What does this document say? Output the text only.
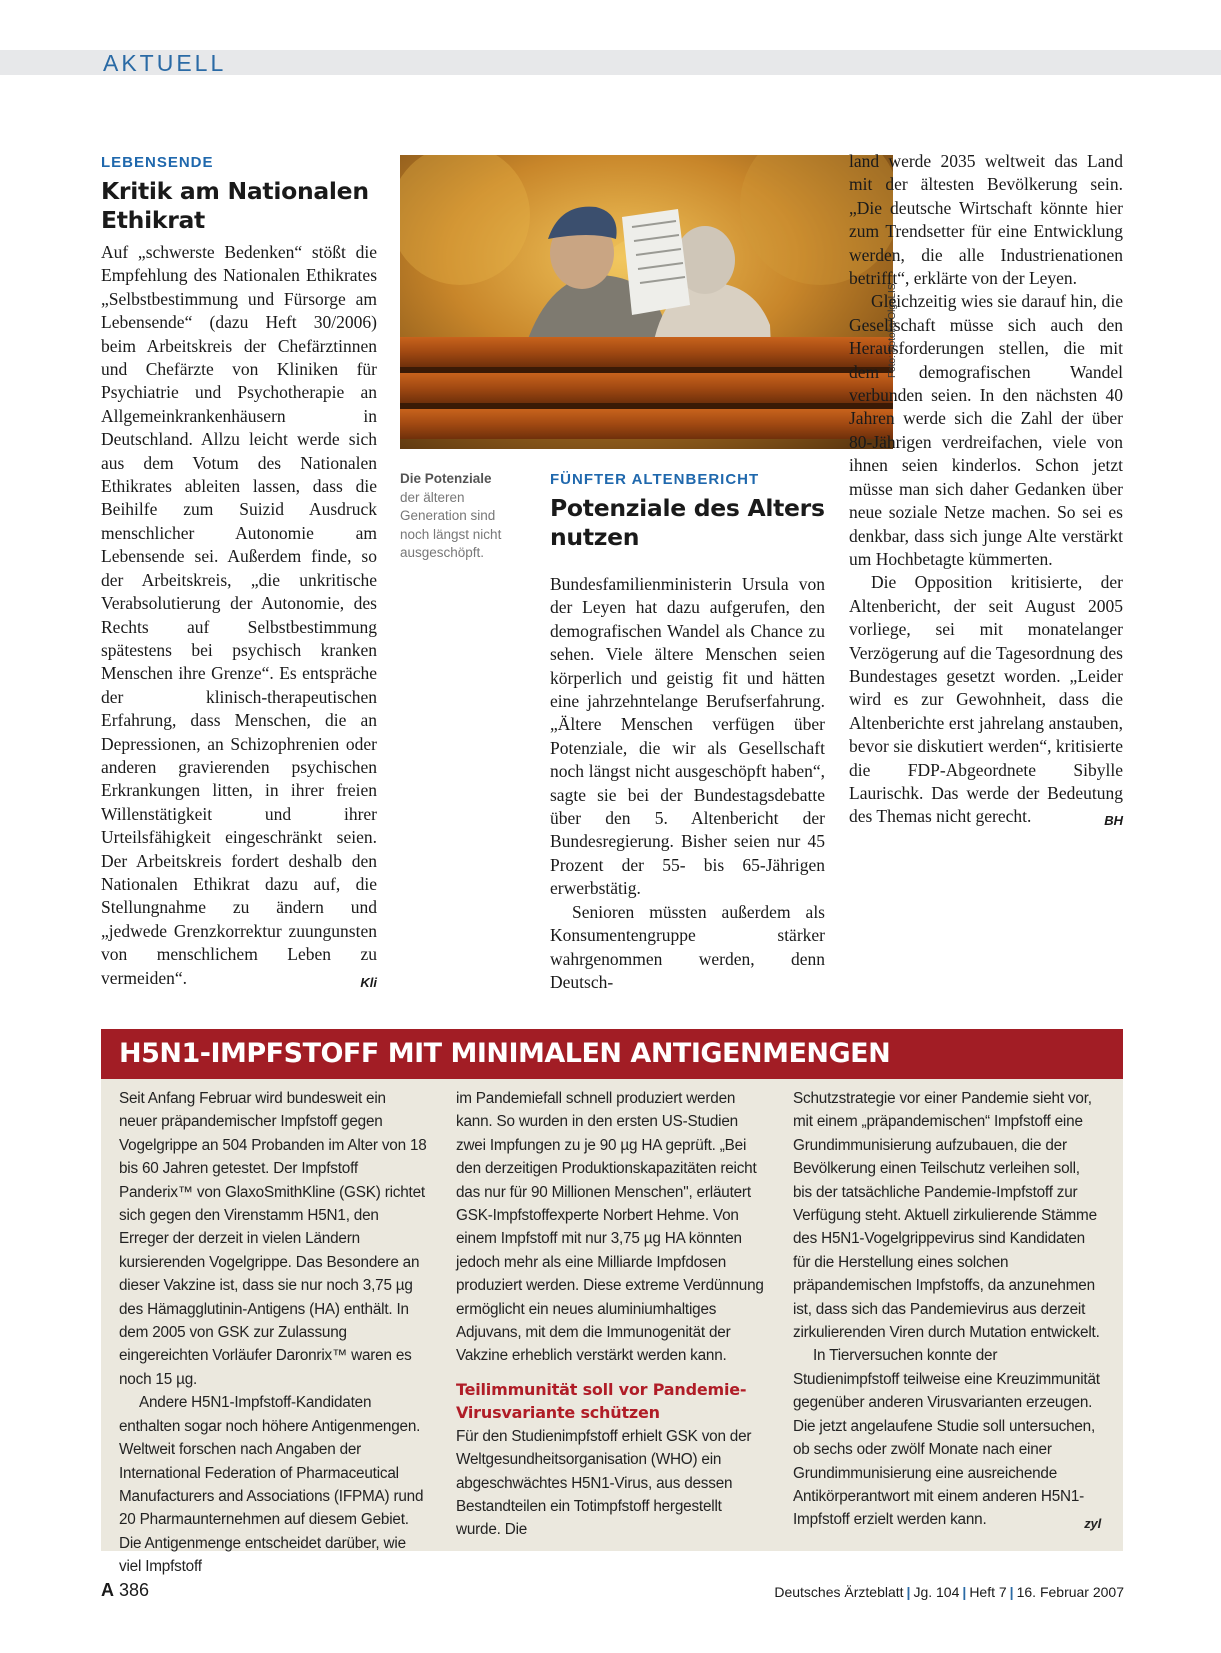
AKTUELL
LEBENSENDE
Kritik am Nationalen Ethikrat

Auf „schwerste Bedenken“ stößt die Empfehlung des Nationalen Ethikrates „Selbstbestimmung und Fürsorge am Lebensende“ (dazu Heft 30/2006) beim Arbeitskreis der Chefärztinnen und Chefärzte von Kliniken für Psychiatrie und Psychotherapie an Allgemeinkrankenhäusern in Deutschland. Allzu leicht werde sich aus dem Votum des Nationalen Ethikrates ableiten lassen, dass die Beihilfe zum Suizid Ausdruck menschlicher Autonomie am Lebensende sei. Außerdem finde, so der Arbeitskreis, „die unkritische Verabsolutierung der Autonomie, des Rechts auf Selbstbestimmung spätestens bei psychisch kranken Menschen ihre Grenze“. Es entspräche der klinisch-therapeutischen Erfahrung, dass Menschen, die an Depressionen, an Schizophrenien oder anderen gravierenden psychischen Erkrankungen litten, in ihrer freien Willenstätigkeit und ihrer Urteilsfähigkeit eingeschränkt seien. Der Arbeitskreis fordert deshalb den Nationalen Ethikrat dazu auf, die Stellungnahme zu ändern und „jedwede Grenzkorrektur zuungunsten von menschlichem Leben zu vermeiden“.	Kli

Foto: Fotolia/OlgaLIS
Die Potenziale
der älteren Generation sind noch längst nicht ausgeschöpft.
FÜNFTER ALTENBERICHT
Potenziale des Alters nutzen

Bundesfamilienministerin Ursula von der Leyen hat dazu aufgerufen, den demografischen Wandel als Chance zu sehen. Viele ältere Menschen seien körperlich und geistig fit und hätten eine jahrzehntelange Berufserfahrung. „Ältere Menschen verfügen über Potenziale, die wir als Gesellschaft noch längst nicht ausgeschöpft haben“, sagte sie bei der Bundestagsdebatte über den 5. Altenbericht der Bundesregierung. Bisher seien nur 45 Prozent der 55- bis 65-Jährigen erwerbstätig.

Senioren müssten außerdem als Konsumentengruppe stärker wahrgenommen werden, denn Deutsch-

land werde 2035 weltweit das Land mit der ältesten Bevölkerung sein. „Die deutsche Wirtschaft könnte hier zum Trendsetter für eine Entwicklung werden, die alle Industrienationen betrifft“, erklärte von der Leyen.

Gleichzeitig wies sie darauf hin, die Gesellschaft müsse sich auch den Herausforderungen stellen, die mit dem demografischen Wandel verbunden seien. In den nächsten 40 Jahren werde sich die Zahl der über 80-Jährigen verdreifachen, viele von ihnen seien kinderlos. Schon jetzt müsse man sich daher Gedanken über neue soziale Netze machen. So sei es denkbar, dass sich junge Alte verstärkt um Hochbetagte kümmerten.

Die Opposition kritisierte, der Altenbericht, der seit August 2005 vorliege, sei mit monatelanger Verzögerung auf die Tagesordnung des Bundestages gesetzt worden. „Leider wird es zur Gewohnheit, dass die Altenberichte erst jahrelang anstauben, bevor sie diskutiert werden“, kritisierte die FDP-Abgeordnete Sibylle Laurischk. Das werde der Bedeutung des Themas nicht gerecht.	BH

H5N1-IMPFSTOFF MIT MINIMALEN ANTIGENMENGEN

Seit Anfang Februar wird bundesweit ein neuer präpandemischer Impfstoff gegen Vogelgrippe an 504 Probanden im Alter von 18 bis 60 Jahren getestet. Der Impfstoff Panderix™ von GlaxoSmithKline (GSK) richtet sich gegen den Virenstamm H5N1, den Erreger der derzeit in vielen Ländern kursierenden Vogelgrippe. Das Besondere an dieser Vakzine ist, dass sie nur noch 3,75 µg des Hämagglutinin-Antigens (HA) enthält. In dem 2005 von GSK zur Zulassung eingereichten Vorläufer Daronrix™ waren es noch 15 µg.

Andere H5N1-Impfstoff-Kandidaten enthalten sogar noch höhere Antigenmengen. Weltweit forschen nach Angaben der International Federation of Pharmaceutical Manufacturers and Associations (IFPMA) rund 20 Pharmaunternehmen auf diesem Gebiet. Die Antigenmenge entscheidet darüber, wie viel Impfstoff

im Pandemiefall schnell produziert werden kann. So wurden in den ersten US-Studien zwei Impfungen zu je 90 µg HA geprüft. „Bei den derzeitigen Produktionskapazitäten reicht das nur für 90 Millionen Menschen", erläutert GSK-Impfstoffexperte Norbert Hehme. Von einem Impfstoff mit nur 3,75 µg HA könnten jedoch mehr als eine Milliarde Impfdosen produziert werden. Diese extreme Verdünnung ermöglicht ein neues aluminiumhaltiges Adjuvans, mit dem die Immunogenität der Vakzine erheblich verstärkt werden kann.

Teilimmunität soll vor Pandemie-Virusvariante schützen

Für den Studienimpfstoff erhielt GSK von der Weltgesundheitsorganisation (WHO) ein abgeschwächtes H5N1-Virus, aus dessen Bestandteilen ein Totimpfstoff hergestellt wurde. Die

Schutzstrategie vor einer Pandemie sieht vor, mit einem „präpandemischen“ Impfstoff eine Grundimmunisierung aufzubauen, die der Bevölkerung einen Teilschutz verleihen soll, bis der tatsächliche Pandemie-Impfstoff zur Verfügung steht. Aktuell zirkulierende Stämme des H5N1-Vogelgrippevirus sind Kandidaten für die Herstellung eines solchen präpandemischen Impfstoffs, da anzunehmen ist, dass sich das Pandemievirus aus derzeit zirkulierenden Viren durch Mutation entwickelt.

In Tierversuchen konnte der Studienimpfstoff teilweise eine Kreuzimmunität gegenüber anderen Virusvarianten erzeugen. Die jetzt angelaufene Studie soll untersuchen, ob sechs oder zwölf Monate nach einer Grundimmunisierung eine ausreichende Antikörperantwort mit einem anderen H5N1-Impfstoff erzielt werden kann.	zyl

A 386	Deutsches Ärzteblatt | Jg. 104 | Heft 7 | 16. Februar 2007
